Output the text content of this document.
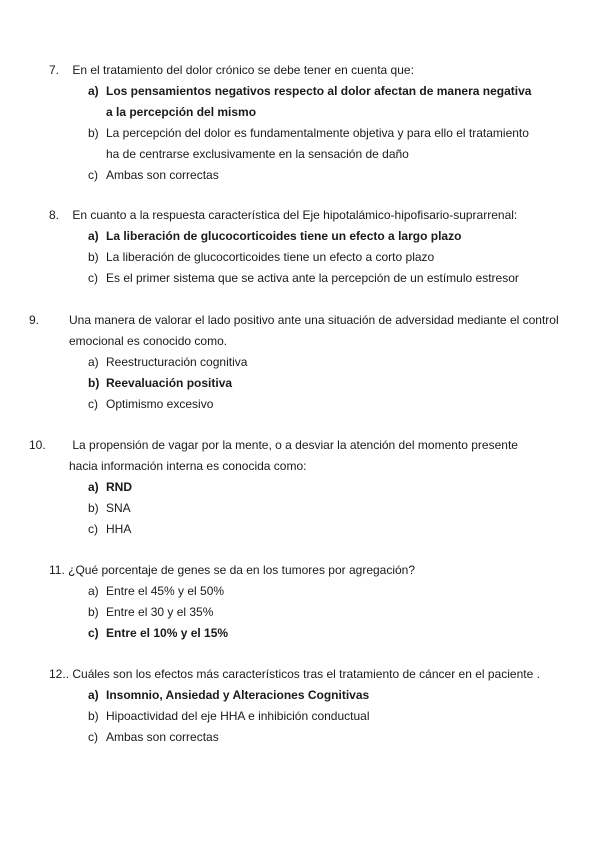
7. En el tratamiento del dolor crónico se debe tener en cuenta que:

a) Los pensamientos negativos respecto al dolor afectan de manera negativa
a la percepción del mismo
b) La percepción del dolor es fundamentalmente objetiva y para ello el tratamiento
ha de centrarse exclusivamente en la sensación de daño
c) Ambas son correctas

8. En cuanto a la respuesta característica del Eje hipotalámico-hipofisario-suprarrenal:

a) La liberación de glucocorticoides tiene un efecto a largo plazo
b) La liberación de glucocorticoides tiene un efecto a corto plazo
c) Es el primer sistema que se activa ante la percepción de un estímulo estresor

9. Una manera de valorar el lado positivo ante una situación de adversidad mediante el control
emocional es conocido como.

a) Reestructuración cognitiva
b) Reevaluación positiva
c) Optimismo excesivo

10. La propensión de vagar por la mente, o a desviar la atención del momento presente
hacia información interna es conocida como:

a) RND
b) SNA
c) HHA

11. ¿Qué porcentaje de genes se da en los tumores por agregación?

a) Entre el 45% y el 50%
b) Entre el 30 y el 35%
c) Entre el 10% y el 15%

12.. Cuáles son los efectos más característicos tras el tratamiento de cáncer en el paciente .

a) Insomnio, Ansiedad y Alteraciones Cognitivas
b) Hipoactividad del eje HHA e inhibición conductual
c) Ambas son correctas
